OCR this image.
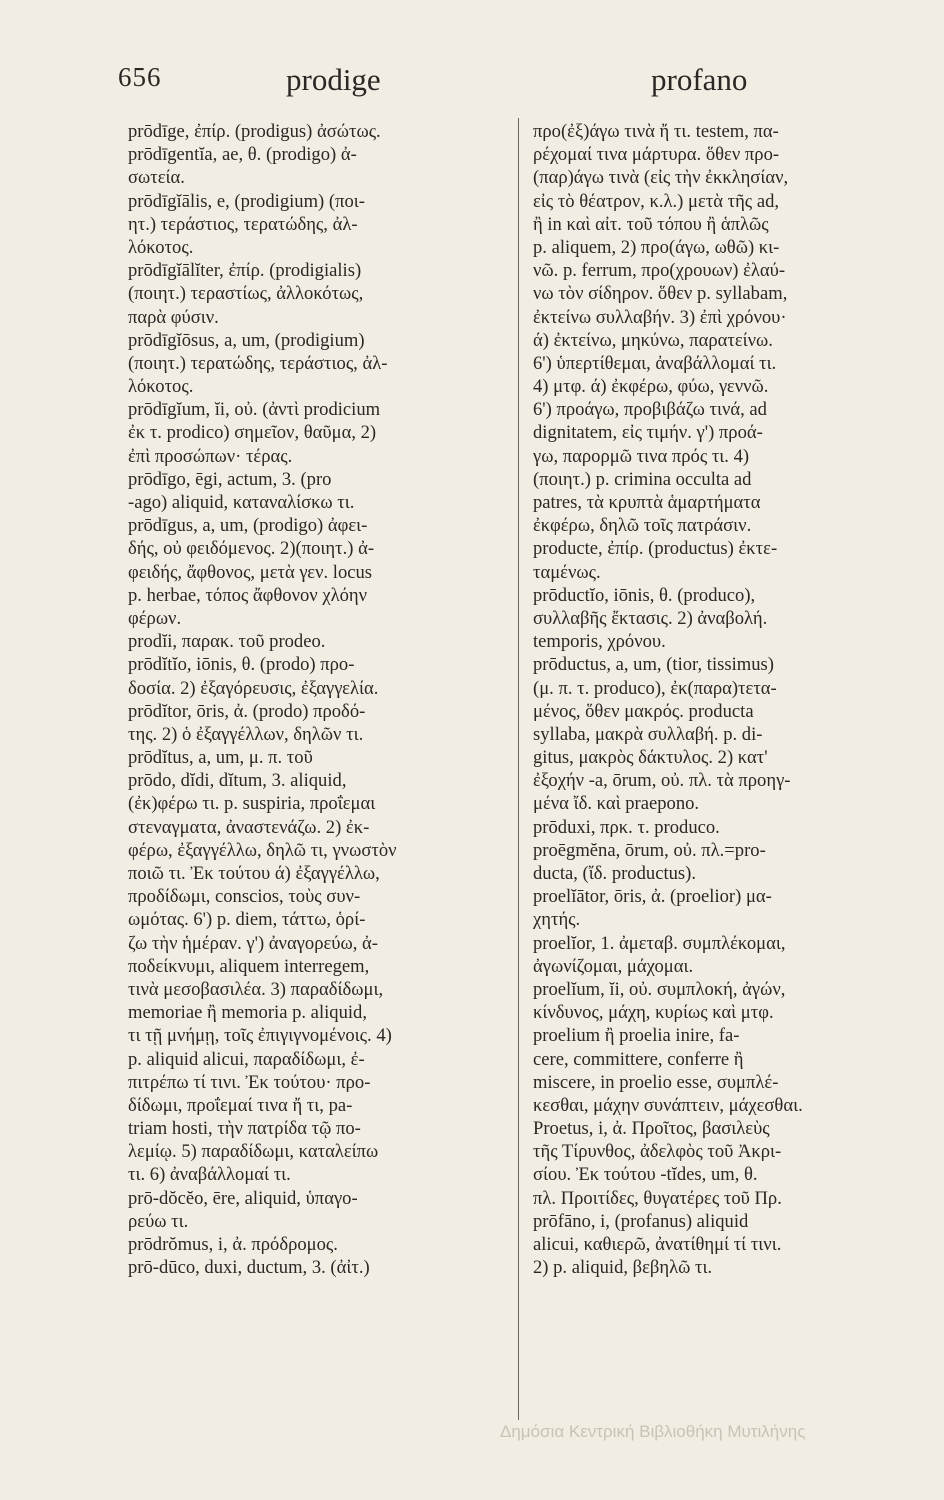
656	prodige	profano
prōdīge, ἐπίρ. (prodigus) ἀσώτως.
prōdīgentĭa, ae, θ. (prodigo) ἀ-
σωτεία.
prōdīgĭālis, e, (prodigium) (ποι-
ητ.) τεράστιος, τερατώδης, ἀλ-
λόκοτος.
prōdīgĭālĭter, ἐπίρ. (prodigialis)
(ποιητ.) τεραστίως, ἀλλοκότως,
παρὰ φύσιν.
prōdīgĭōsus, a, um, (prodigium)
(ποιητ.) τερατώδης, τεράστιος, ἀλ-
λόκοτος.
prōdīgĭum, ĭi, οὐ. (ἀντὶ prodicium
ἐκ τ. prodico) σημεῖον, θαῦμα, 2)
ἐπὶ προσώπων· τέρας.
prōdīgo, ēgi, actum, 3. (pro
-ago) aliquid, καταναλίσκω τι.
prōdīgus, a, um, (prodigo) ἀφει-
δής, οὐ φειδόμενος. 2)(ποιητ.) ἀ-
φειδής, ἄφθονος, μετὰ γεν. locus
p. herbae, τόπος ἄφθονον χλόην
φέρων.
prodĭi, παρακ. τοῦ prodeo.
prōdĭtĭo, iōnis, θ. (prodo) προ-
δοσία. 2) ἐξαγόρευσις, ἐξαγγελία.
prōdĭtor, ōris, ἀ. (prodo) προδό-
της. 2) ὁ ἐξαγγέλλων, δηλῶν τι.
prōdĭtus, a, um, μ. π. τοῦ
prōdo, dĭdi, dĭtum, 3. aliquid,
(ἐκ)φέρω τι. p. suspiria, προΐεμαι
στεναγματα, ἀναστενάζω. 2) ἐκ-
φέρω, ἐξαγγέλλω, δηλῶ τι, γνωστὸν
ποιῶ τι. Ἐκ τούτου ά) ἐξαγγέλλω,
προδίδωμι, conscios, τοὺς συν-
ωμότας. 6') p. diem, τάττω, ὁρί-
ζω τὴν ἡμέραν. γ') ἀναγορεύω, ἀ-
ποδείκνυμι, aliquem interregem,
τινὰ μεσοβασιλέα. 3) παραδίδωμι,
memoriae ἢ memoria p. aliquid,
τι τῇ μνήμῃ, τοῖς ἐπιγιγνομένοις. 4)
p. aliquid alicui, παραδίδωμι, ἐ-
πιτρέπω τί τινι. Ἐκ τούτου· προ-
δίδωμι, προΐεμαί τινα ἤ τι, pa-
triam hosti, τὴν πατρίδα τῷ πο-
λεμίῳ. 5) παραδίδωμι, καταλείπω
τι. 6) ἀναβάλλομαί τι.
prō-dŏcĕo, ēre, aliquid, ὑπαγο-
ρεύω τι.
prōdrŏmus, i, ἀ. πρόδρομος.
prō-dūco, duxi, ductum, 3. (ἀἰτ.)
προ(ἐξ)άγω τινὰ ἤ τι. testem, πα-
ρέχομαί τινα μάρτυρα. ὅθεν προ-
(παρ)άγω τινὰ (εἰς τὴν ἐκκλησίαν,
εἰς τὸ θέατρον, κ.λ.) μετὰ τῆς ad,
ἢ in καὶ αἰτ. τοῦ τόπου ἢ ἁπλῶς
p. aliquem, 2) προ(άγω, ωθῶ) κι-
νῶ. p. ferrum, προ(χρουων) ἐλαύ-
νω τὸν σίδηρον. ὅθεν p. syllabam,
ἐκτείνω συλλαβήν. 3) ἐπὶ χρόνου·
ά) ἐκτείνω, μηκύνω, παρατείνω.
6') ὑπερτίθεμαι, ἀναβάλλομαί τι.
4) μτφ. ά) ἐκφέρω, φύω, γεννῶ.
6') προάγω, προβιβάζω τινά, ad
dignitatem, εἰς τιμήν. γ') προά-
γω, παρορμῶ τινα πρός τι. 4)
(ποιητ.) p. crimina occulta ad
patres, τὰ κρυπτὰ ἁμαρτήματα
ἐκφέρω, δηλῶ τοῖς πατράσιν.
producte, ἐπίρ. (productus) ἐκτε-
ταμένως.
prōductĭo, iōnis, θ. (produco),
συλλαβῆς ἔκτασις. 2) ἀναβολή.
temporis, χρόνου.
prōductus, a, um, (tior, tissimus)
(μ. π. τ. produco), ἐκ(παρα)τετα-
μένος, ὅθεν μακρός. producta
syllaba, μακρὰ συλλαβή. p. di-
gitus, μακρὸς δάκτυλος. 2) κατ'
ἐξοχήν -a, ōrum, οὐ. πλ. τὰ προηγ-
μένα ἴδ. καὶ praepono.
prōduxi, πρκ. τ. produco.
proēgmĕna, ōrum, οὐ. πλ.=pro-
ducta, (ἴδ. productus).
proelĭātor, ōris, ἀ. (proelior) μα-
χητής.
proelĭor, 1. ἀμεταβ. συμπλέκομαι,
ἀγωνίζομαι, μάχομαι.
proelĭum, ĭi, οὐ. συμπλοκή, ἀγών,
κίνδυνος, μάχη, κυρίως καὶ μτφ.
proelium ἢ proelia inire, fa-
cere, committere, conferre ἢ
miscere, in proelio esse, συμπλέ-
κεσθαι, μάχην συνάπτειν, μάχεσθαι.
Proetus, i, ἀ. Προῖτος, βασιλεὺς
τῆς Τίρυνθος, ἀδελφὸς τοῦ Ἀκρι-
σίου. Ἐκ τούτου -tĭdes, um, θ.
πλ. Προιτίδες, θυγατέρες τοῦ Πρ.
prōfāno, i, (profanus) aliquid
alicui, καθιερῶ, ἀνατίθημί τί τινι.
2) p. aliquid, βεβηλῶ τι.
Δημόσια Κεντρική Βιβλιοθήκη Μυτιλήνης
